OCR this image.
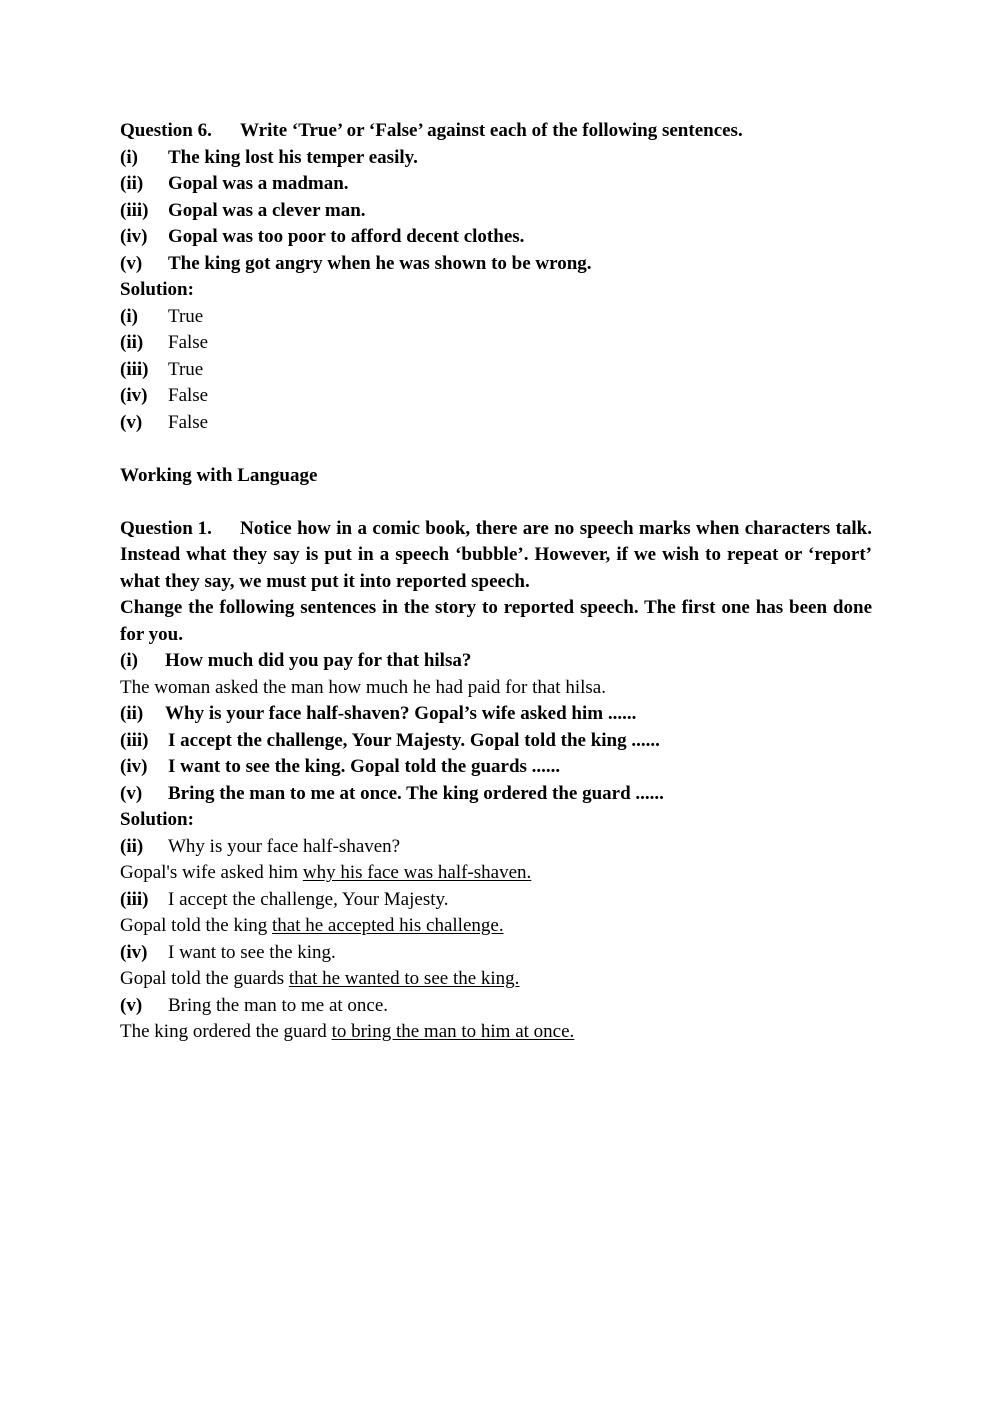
Question 6. Write ‘True’ or ‘False’ against each of the following sentences.
(i) The king lost his temper easily.
(ii) Gopal was a madman.
(iii) Gopal was a clever man.
(iv) Gopal was too poor to afford decent clothes.
(v) The king got angry when he was shown to be wrong.
Solution:
(i) True
(ii) False
(iii) True
(iv) False
(v) False
Working with Language
Question 1. Notice how in a comic book, there are no speech marks when characters talk. Instead what they say is put in a speech ‘bubble’. However, if we wish to repeat or ‘report’ what they say, we must put it into reported speech.
Change the following sentences in the story to reported speech. The first one has been done for you.
(i) How much did you pay for that hilsa?
The woman asked the man how much he had paid for that hilsa.
(ii) Why is your face half-shaven? Gopal’s wife asked him ......
(iii) I accept the challenge, Your Majesty. Gopal told the king ......
(iv) I want to see the king. Gopal told the guards ......
(v) Bring the man to me at once. The king ordered the guard ......
Solution:
(ii) Why is your face half-shaven?
Gopal's wife asked him why his face was half-shaven.
(iii) I accept the challenge, Your Majesty.
Gopal told the king that he accepted his challenge.
(iv) I want to see the king.
Gopal told the guards that he wanted to see the king.
(v) Bring the man to me at once.
The king ordered the guard to bring the man to him at once.
